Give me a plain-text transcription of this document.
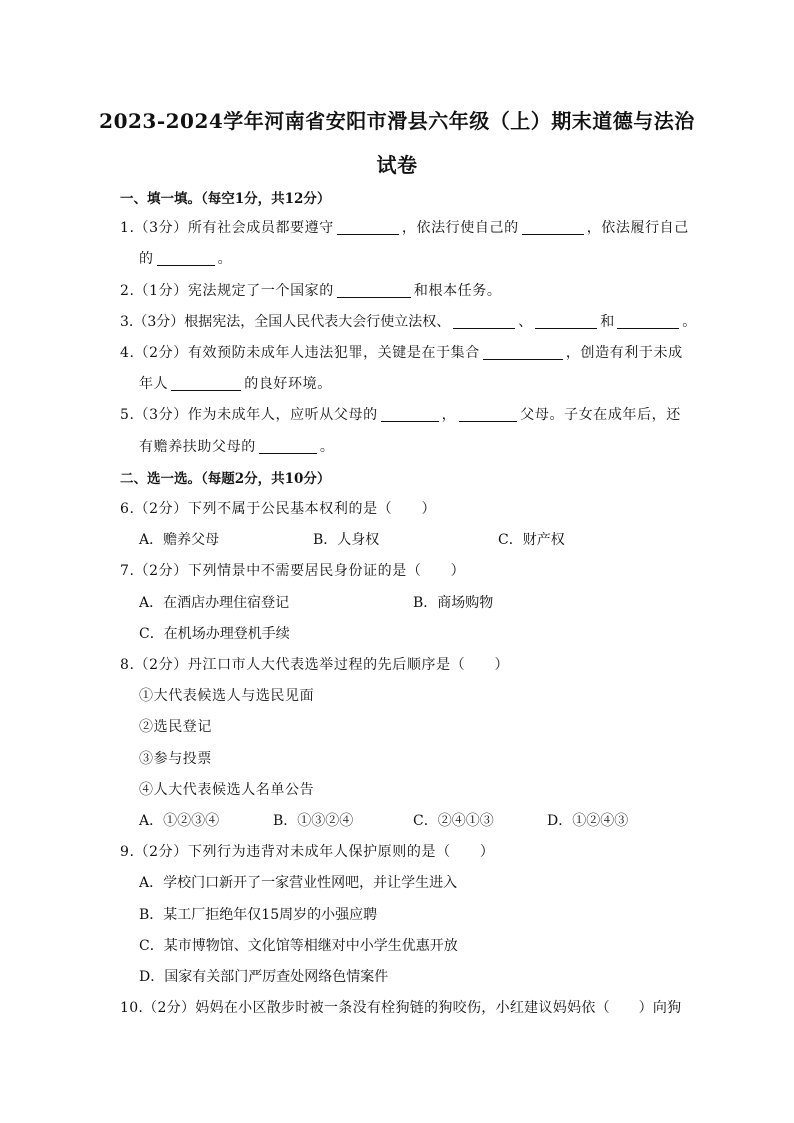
2023-2024学年河南省安阳市滑县六年级（上）期末道德与法治
试卷
一、填一填。（每空1分，共12分）
1.（3分）所有社会成员都要遵守	，依法行使自己的	，依法履行自己
的	。
2.（1分）宪法规定了一个国家的	和根本任务。
3.（3分）根据宪法，全国人民代表大会行使立法权、	、	和	。
4.（2分）有效预防未成年人违法犯罪，关键是在于集合	，创造有利于未成
年人	的良好环境。
5.（3分）作为未成年人，应听从父母的	，	父母。子女在成年后，还
有赡养扶助父母的	。
二、选一选。（每题2分，共10分）
6.（2分）下列不属于公民基本权利的是（　　）
A．赡养父母	B．人身权	C．财产权
7.（2分）下列情景中不需要居民身份证的是（　　）
A．在酒店办理住宿登记	B．商场购物
C．在机场办理登机手续
8.（2分）丹江口市人大代表选举过程的先后顺序是（　　）
①大代表候选人与选民见面
②选民登记
③参与投票
④人大代表候选人名单公告
A．①②③④	B．①③②④	C．②④①③	D．①②④③
9.（2分）下列行为违背对未成年人保护原则的是（　　）
A．学校门口新开了一家营业性网吧，并让学生进入
B．某工厂拒绝年仅15周岁的小强应聘
C．某市博物馆、文化馆等相继对中小学生优惠开放
D．国家有关部门严厉查处网络色情案件
10.（2分）妈妈在小区散步时被一条没有栓狗链的狗咬伤，小红建议妈妈依（　　）向狗
